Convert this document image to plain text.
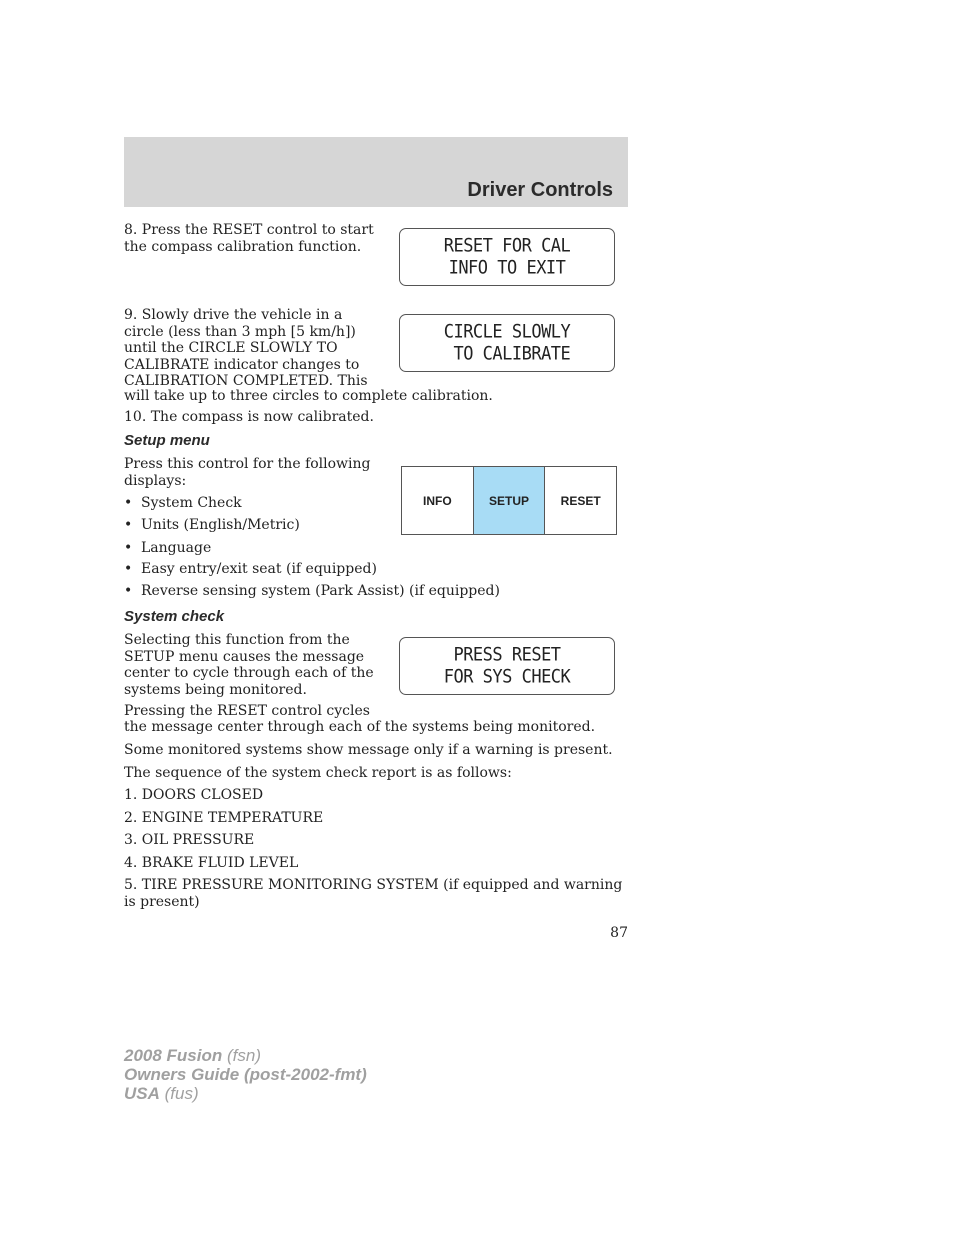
Driver Controls

8. Press the RESET control to start the compass calibration function.	RESET FOR CAL
INFO TO EXIT

9. Slowly drive the vehicle in a circle (less than 3 mph [5 km/h]) until the CIRCLE SLOWLY TO CALIBRATE indicator changes to CALIBRATION COMPLETED. This

will take up to three circles to complete calibration.

CIRCLE SLOWLY
TO CALIBRATE

10. The compass is now calibrated.

Setup menu

Press this control for the following displays:

• System Check
• Units (English/Metric)
• Language
• Easy entry/exit seat (if equipped)
• Reverse sensing system (Park Assist) (if equipped)
INFO	SETUP	RESET
System check

Selecting this function from the SETUP menu causes the message center to cycle through each of the systems being monitored.

PRESS RESET
FOR SYS CHECK

Pressing the RESET control cycles

the message center through each of the systems being monitored.

Some monitored systems show message only if a warning is present.

The sequence of the system check report is as follows:

1. DOORS CLOSED

2. ENGINE TEMPERATURE

3. OIL PRESSURE

4. BRAKE FLUID LEVEL

5. TIRE PRESSURE MONITORING SYSTEM (if equipped and warning is present)

87
2008 Fusion (fsn)
Owners Guide (post-2002-fmt)
USA (fus)
